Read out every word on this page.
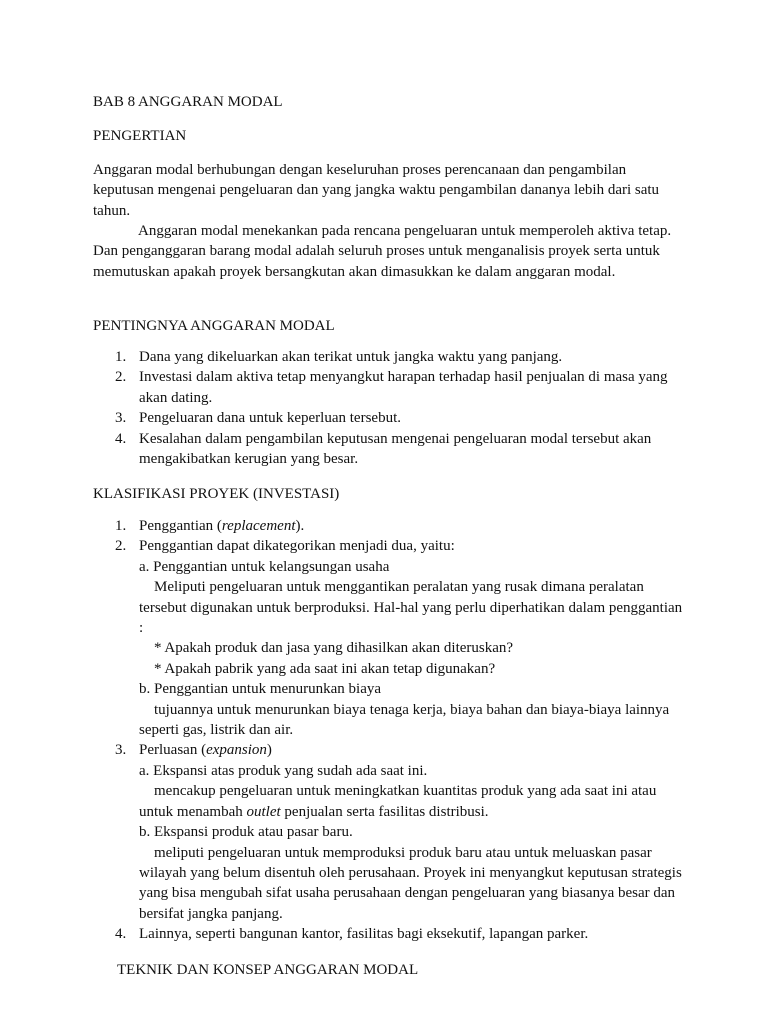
BAB 8 ANGGARAN MODAL

PENGERTIAN

Anggaran modal berhubungan dengan keseluruhan proses perencanaan dan pengambilan keputusan mengenai pengeluaran dan yang jangka waktu pengambilan dananya lebih dari satu tahun.

Anggaran modal menekankan pada rencana pengeluaran untuk memperoleh aktiva tetap. Dan penganggaran barang modal adalah seluruh proses untuk menganalisis proyek serta untuk memutuskan apakah proyek bersangkutan akan dimasukkan ke dalam anggaran modal.

PENTINGNYA ANGGARAN MODAL

1. Dana yang dikeluarkan akan terikat untuk jangka waktu yang panjang.
2. Investasi dalam aktiva tetap menyangkut harapan terhadap hasil penjualan di masa yang akan dating.
3. Pengeluaran dana untuk keperluan tersebut.
4. Kesalahan dalam pengambilan keputusan mengenai pengeluaran modal tersebut akan mengakibatkan kerugian yang besar.

KLASIFIKASI PROYEK (INVESTASI)

1. Penggantian (replacement).
2. Penggantian dapat dikategorikan menjadi dua, yaitu:
a. Penggantian untuk kelangsungan usaha
Meliputi pengeluaran untuk menggantikan peralatan yang rusak dimana peralatan tersebut digunakan untuk berproduksi. Hal-hal yang perlu diperhatikan dalam penggantian :
* Apakah produk dan jasa yang dihasilkan akan diteruskan?
* Apakah pabrik yang ada saat ini akan tetap digunakan?
b. Penggantian untuk menurunkan biaya
tujuannya untuk menurunkan biaya tenaga kerja, biaya bahan dan biaya-biaya lainnya seperti gas, listrik dan air.
3. Perluasan (expansion)
a. Ekspansi atas produk yang sudah ada saat ini.
mencakup pengeluaran untuk meningkatkan kuantitas produk yang ada saat ini atau untuk menambah outlet penjualan serta fasilitas distribusi.
b. Ekspansi produk atau pasar baru.
meliputi pengeluaran untuk memproduksi produk baru atau untuk meluaskan pasar wilayah yang belum disentuh oleh perusahaan. Proyek ini menyangkut keputusan strategis yang bisa mengubah sifat usaha perusahaan dengan pengeluaran yang biasanya besar dan bersifat jangka panjang.
4. Lainnya, seperti bangunan kantor, fasilitas bagi eksekutif, lapangan parker.

TEKNIK DAN KONSEP ANGGARAN MODAL
